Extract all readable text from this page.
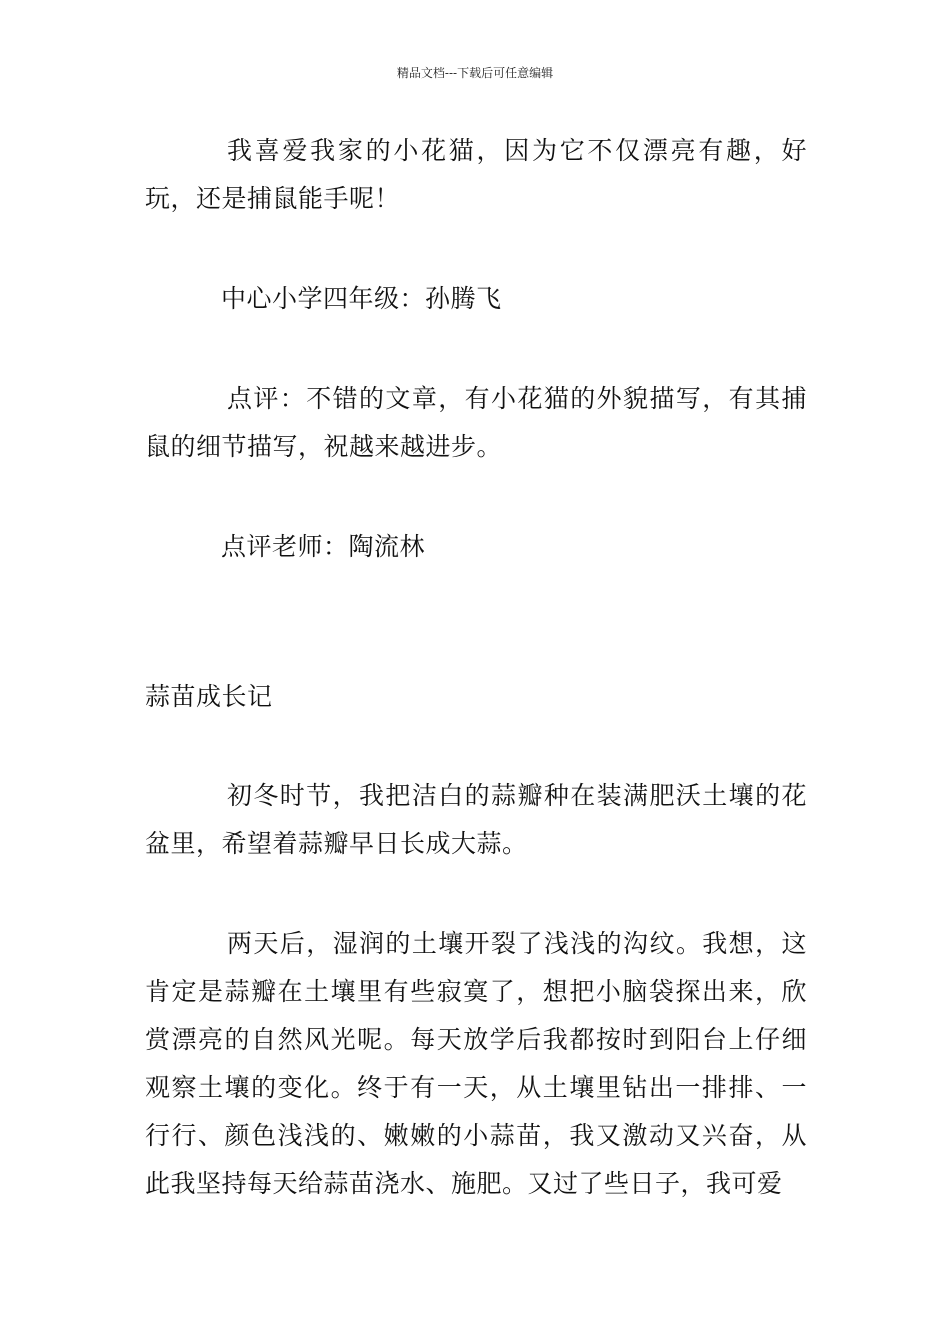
精品文档---下载后可任意编辑

我喜爱我家的小花猫，因为它不仅漂亮有趣，好玩，还是捕鼠能手呢！

中心小学四年级：孙腾飞

点评：不错的文章，有小花猫的外貌描写，有其捕鼠的细节描写，祝越来越进步。

点评老师：陶流林

蒜苗成长记

初冬时节，我把洁白的蒜瓣种在装满肥沃土壤的花盆里，希望着蒜瓣早日长成大蒜。

两天后，湿润的土壤开裂了浅浅的沟纹。我想，这肯定是蒜瓣在土壤里有些寂寞了，想把小脑袋探出来，欣赏漂亮的自然风光呢。每天放学后我都按时到阳台上仔细观察土壤的变化。终于有一天，从土壤里钻出一排排、一行行、颜色浅浅的、嫩嫩的小蒜苗，我又激动又兴奋，从此我坚持每天给蒜苗浇水、施肥。又过了些日子，我可爱
